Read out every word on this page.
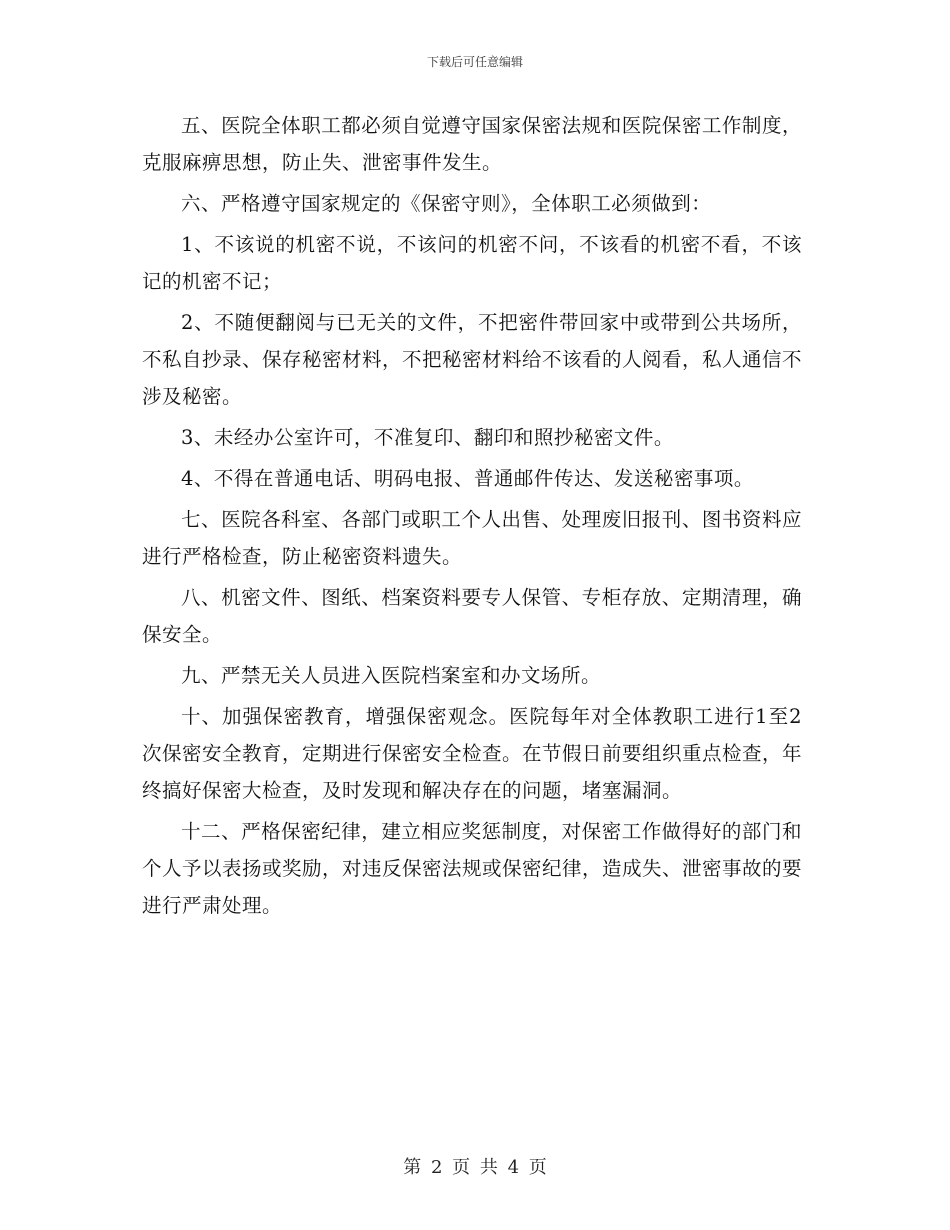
下载后可任意编辑

五、医院全体职工都必须自觉遵守国家保密法规和医院保密工作制度，克服麻痹思想，防止失、泄密事件发生。

六、严格遵守国家规定的《保密守则》，全体职工必须做到：

1、不该说的机密不说，不该问的机密不问，不该看的机密不看，不该记的机密不记；

2、不随便翻阅与已无关的文件，不把密件带回家中或带到公共场所，不私自抄录、保存秘密材料，不把秘密材料给不该看的人阅看，私人通信不涉及秘密。

3、未经办公室许可，不准复印、翻印和照抄秘密文件。

4、不得在普通电话、明码电报、普通邮件传达、发送秘密事项。

七、医院各科室、各部门或职工个人出售、处理废旧报刊、图书资料应进行严格检查，防止秘密资料遗失。

八、机密文件、图纸、档案资料要专人保管、专柜存放、定期清理，确保安全。

九、严禁无关人员进入医院档案室和办文场所。

十、加强保密教育，增强保密观念。医院每年对全体教职工进行1至2次保密安全教育，定期进行保密安全检查。在节假日前要组织重点检查，年终搞好保密大检查，及时发现和解决存在的问题，堵塞漏洞。

十二、严格保密纪律，建立相应奖惩制度，对保密工作做得好的部门和个人予以表扬或奖励，对违反保密法规或保密纪律，造成失、泄密事故的要进行严肃处理。

第 2 页 共 4 页
